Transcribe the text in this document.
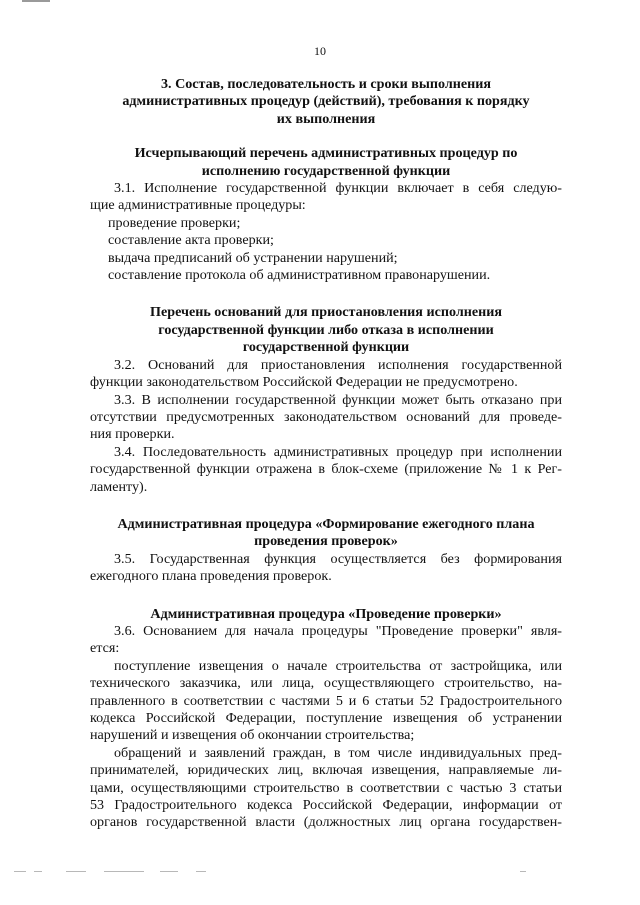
10
3. Состав, последовательность и сроки выполнения
административных процедур (действий), требования к порядку
их выполнения
Исчерпывающий перечень административных процедур по
исполнению государственной функции
3.1. Исполнение государственной функции включает в себя следую-
щие административные процедуры:
проведение проверки;
составление акта проверки;
выдача предписаний об устранении нарушений;
составление протокола об административном правонарушении.
Перечень оснований для приостановления исполнения
государственной функции либо отказа в исполнении
государственной функции
3.2. Оснований для приостановления исполнения государственной
функции законодательством Российской Федерации не предусмотрено.
3.3. В исполнении государственной функции может быть отказано при
отсутствии предусмотренных законодательством оснований для проведе-
ния проверки.
3.4. Последовательность административных процедур при исполнении
государственной функции отражена в блок-схеме (приложение № 1 к Рег-
ламенту).
Административная процедура «Формирование ежегодного плана
проведения проверок»
3.5. Государственная функция осуществляется без формирования
ежегодного плана проведения проверок.
Административная процедура «Проведение проверки»
3.6. Основанием для начала процедуры "Проведение проверки" явля-
ется:
поступление извещения о начале строительства от застройщика, или
технического заказчика, или лица, осуществляющего строительство, на-
правленного в соответствии с частями 5 и 6 статьи 52 Градостроительного
кодекса Российской Федерации, поступление извещения об устранении
нарушений и извещения об окончании строительства;
обращений и заявлений граждан, в том числе индивидуальных пред-
принимателей, юридических лиц, включая извещения, направляемые ли-
цами, осуществляющими строительство в соответствии с частью 3 статьи
53 Градостроительного кодекса Российской Федерации, информации от
органов государственной власти (должностных лиц органа государствен-
